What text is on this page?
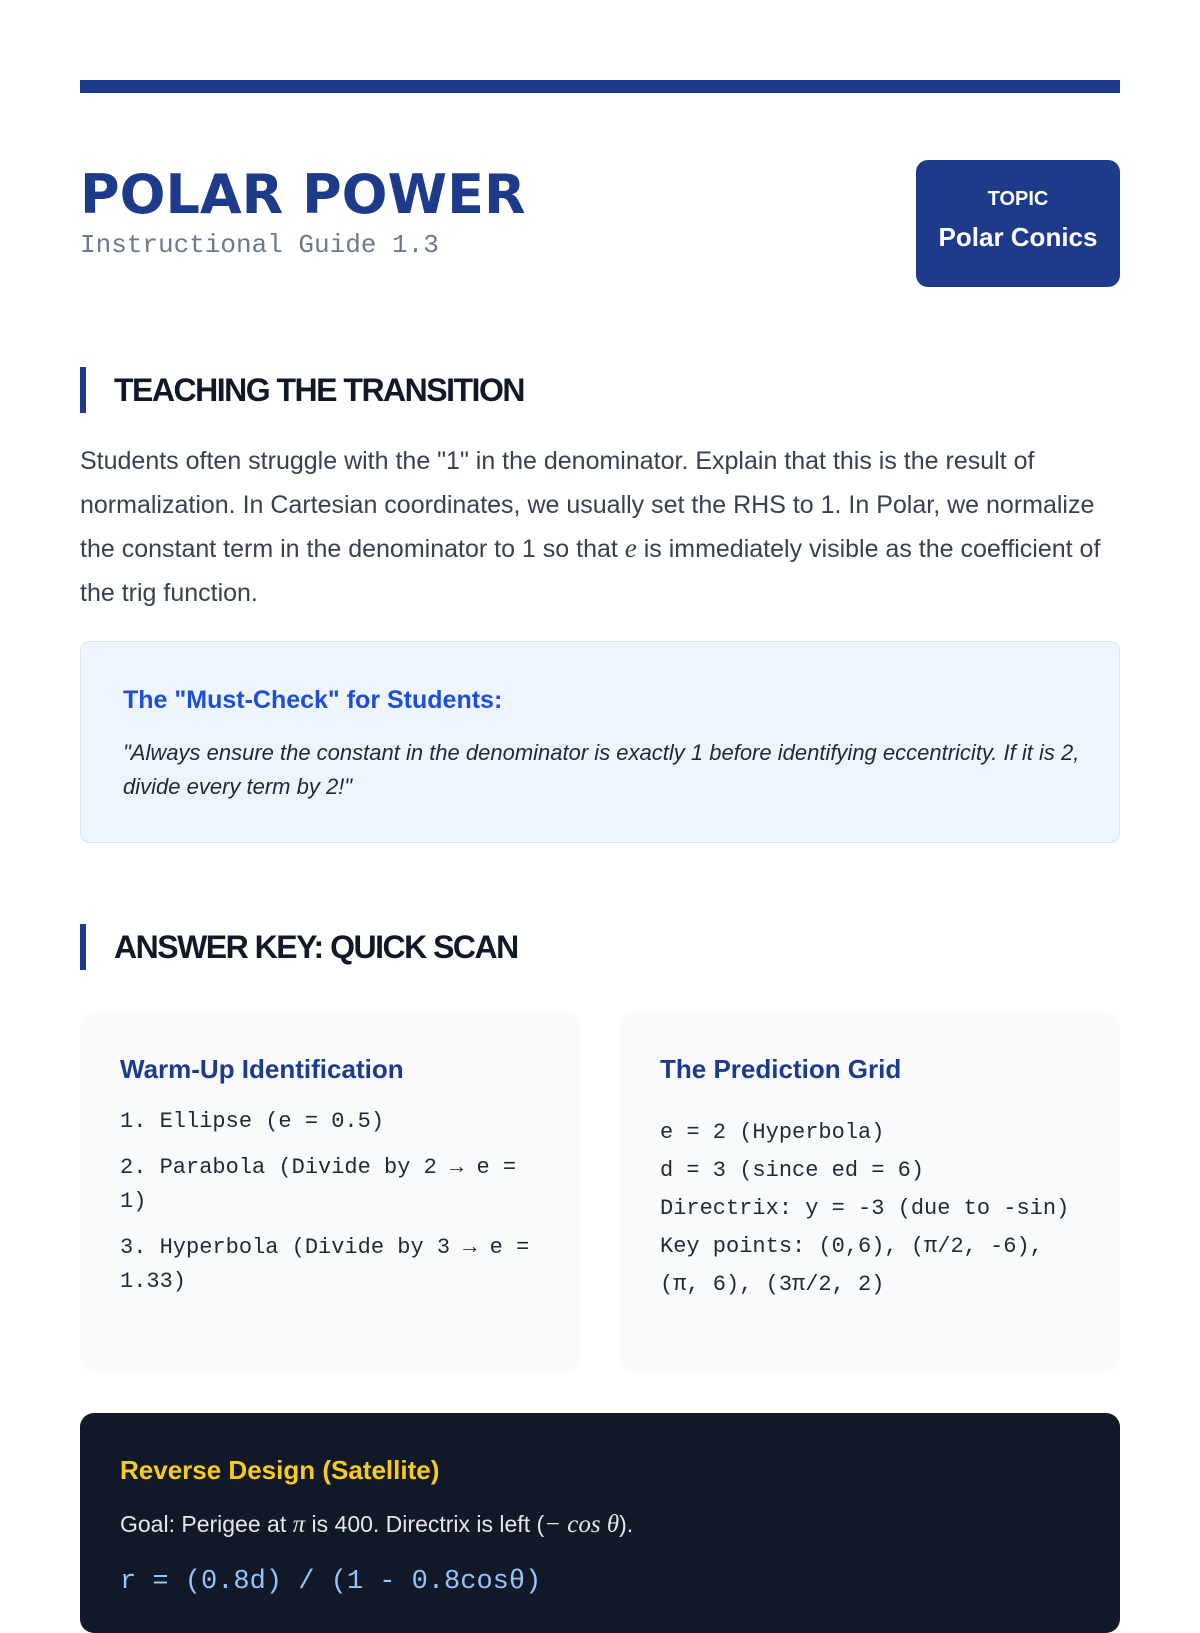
POLAR POWER
Instructional Guide 1.3
TOPIC
Polar Conics
TEACHING THE TRANSITION

Students often struggle with the "1" in the denominator. Explain that this is the result of normalization. In Cartesian coordinates, we usually set the RHS to 1. In Polar, we normalize the constant term in the denominator to 1 so that e is immediately visible as the coefficient of the trig function.

The "Must-Check" for Students:

"Always ensure the constant in the denominator is exactly 1 before identifying eccentricity. If it is 2, divide every term by 2!"

ANSWER KEY: QUICK SCAN
Warm-Up Identification
1. Ellipse (e = 0.5)
2. Parabola (Divide by 2 → e = 1)
3. Hyperbola (Divide by 3 → e = 1.33)
The Prediction Grid
e = 2 (Hyperbola)
d = 3 (since ed = 6)
Directrix: y = -3 (due to -sin)
Key points: (0,6), (π/2, -6), (π, 6), (3π/2, 2)
Reverse Design (Satellite)
Goal: Perigee at π is 400. Directrix is left (− cos θ).
r = (0.8d) / (1 - 0.8cosθ)
